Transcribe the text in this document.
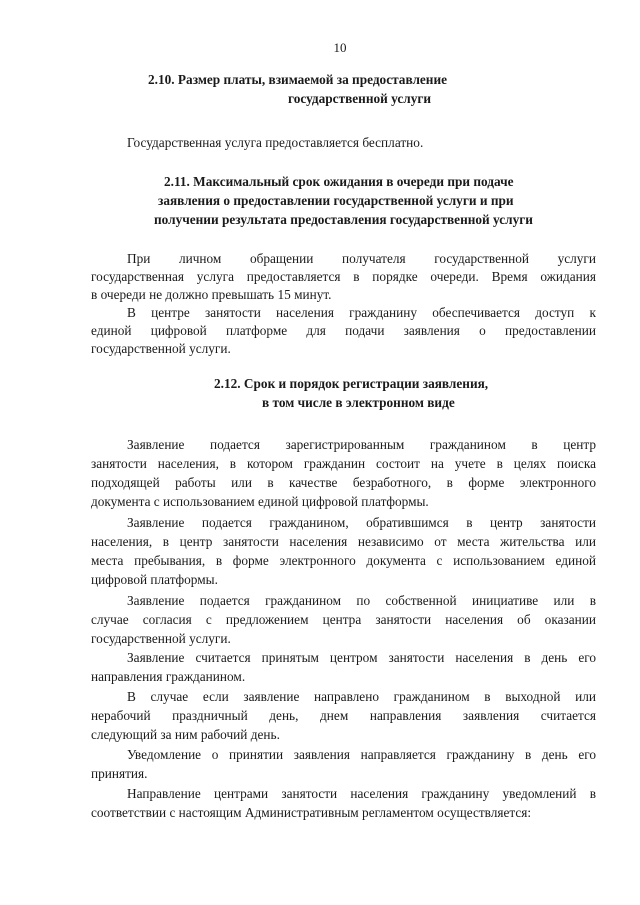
10
2.10. Размер платы, взимаемой за предоставление
государственной услуги
Государственная услуга предоставляется бесплатно.
2.11. Максимальный срок ожидания в очереди при подаче
заявления о предоставлении государственной услуги и при
получении результата предоставления государственной услуги
При личном обращении получателя государственной услуги
государственная услуга предоставляется в порядке очереди. Время ожидания
в очереди не должно превышать 15 минут.
В центре занятости населения гражданину обеспечивается доступ к
единой цифровой платформе для подачи заявления о предоставлении
государственной услуги.
2.12. Срок и порядок регистрации заявления,
в том числе в электронном виде
Заявление подается зарегистрированным гражданином в центр
занятости населения, в котором гражданин состоит на учете в целях поиска
подходящей работы или в качестве безработного, в форме электронного
документа с использованием единой цифровой платформы.
Заявление подается гражданином, обратившимся в центр занятости
населения, в центр занятости населения независимо от места жительства или
места пребывания, в форме электронного документа с использованием единой
цифровой платформы.
Заявление подается гражданином по собственной инициативе или в
случае согласия с предложением центра занятости населения об оказании
государственной услуги.
Заявление считается принятым центром занятости населения в день его
направления гражданином.
В случае если заявление направлено гражданином в выходной или
нерабочий праздничный день, днем направления заявления считается
следующий за ним рабочий день.
Уведомление о принятии заявления направляется гражданину в день его
принятия.
Направление центрами занятости населения гражданину уведомлений в
соответствии с настоящим Административным регламентом осуществляется:
